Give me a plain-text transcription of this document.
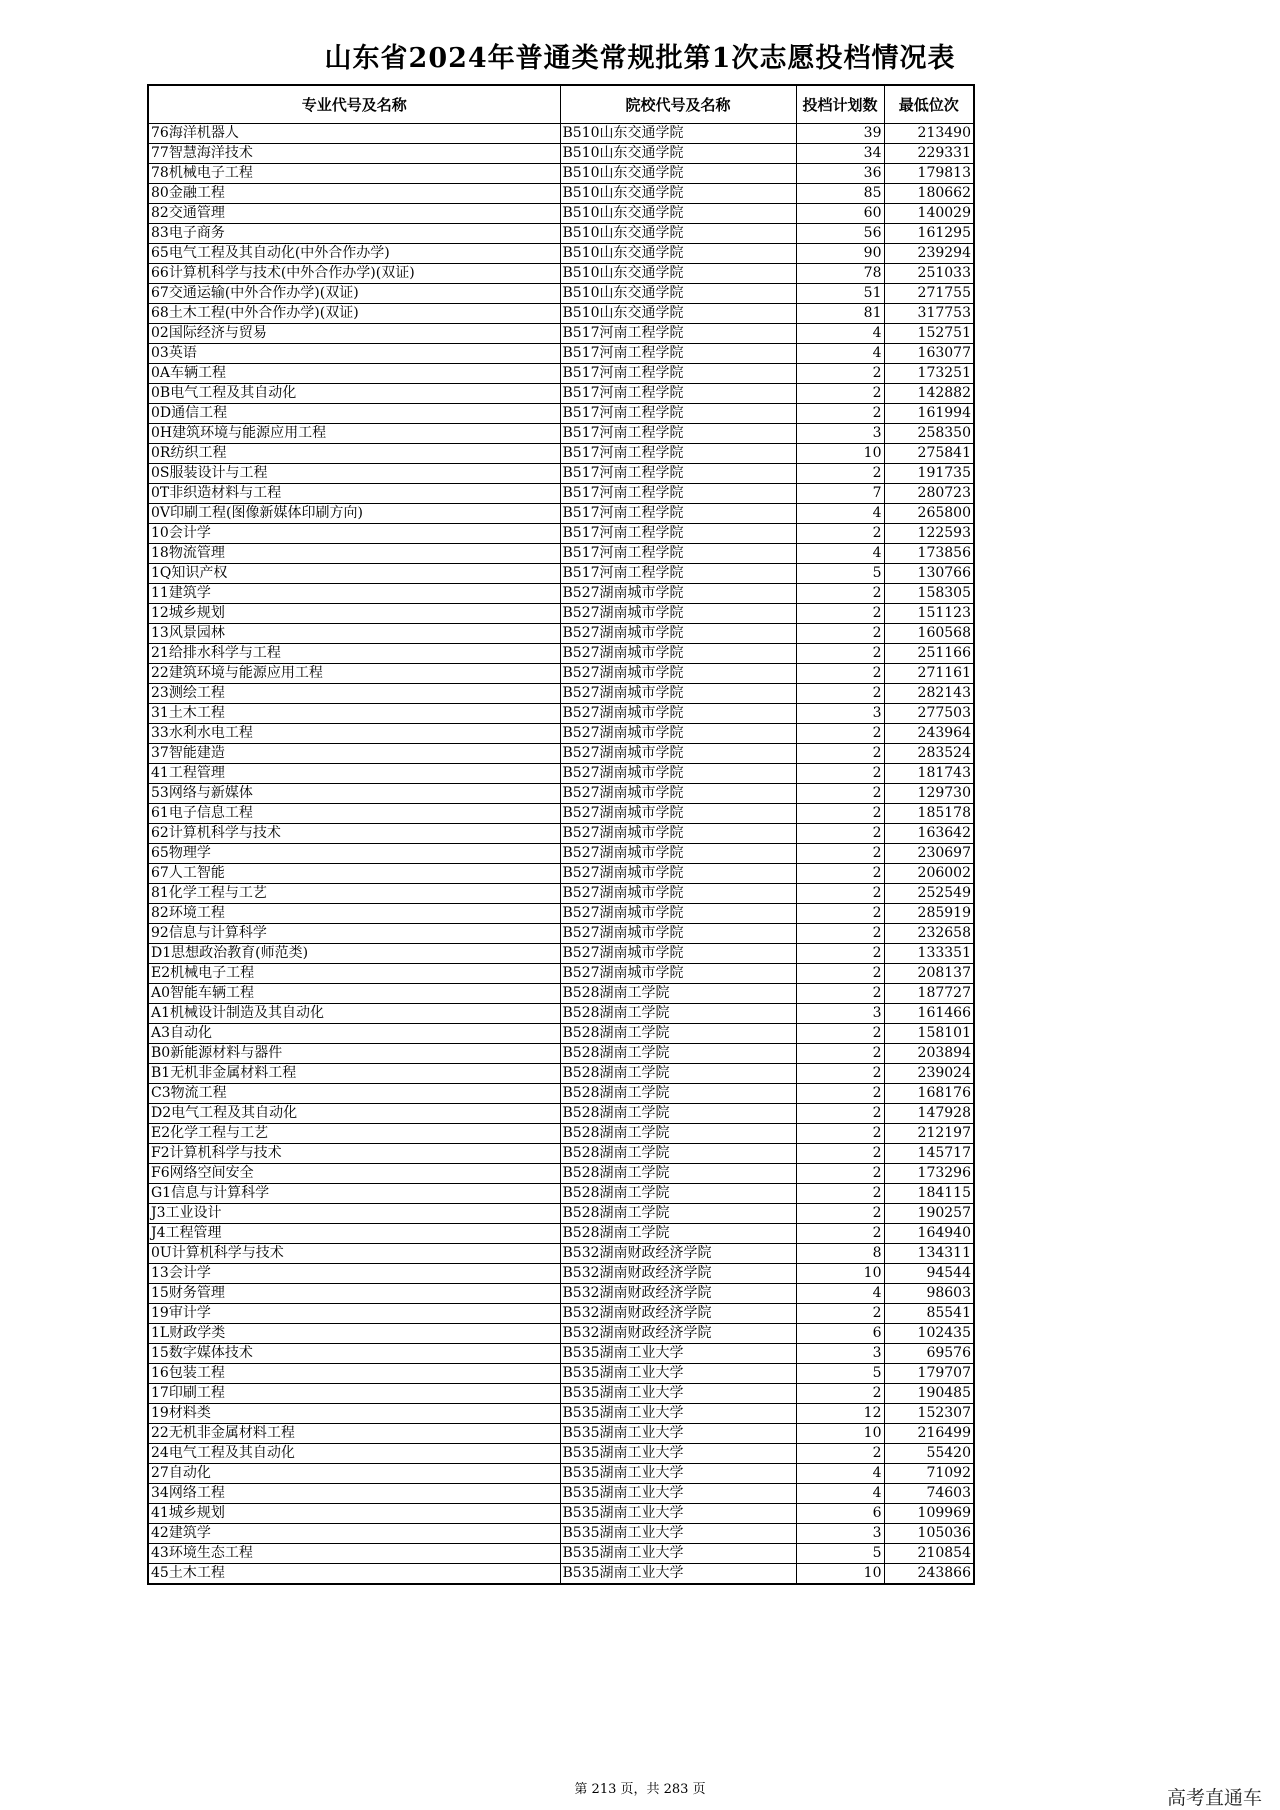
山东省2024年普通类常规批第1次志愿投档情况表
专业代号及名称	院校代号及名称	投档计划数	最低位次
76海洋机器人	B510山东交通学院	39	213490
77智慧海洋技术	B510山东交通学院	34	229331
78机械电子工程	B510山东交通学院	36	179813
80金融工程	B510山东交通学院	85	180662
82交通管理	B510山东交通学院	60	140029
83电子商务	B510山东交通学院	56	161295
65电气工程及其自动化(中外合作办学)	B510山东交通学院	90	239294
66计算机科学与技术(中外合作办学)(双证)	B510山东交通学院	78	251033
67交通运输(中外合作办学)(双证)	B510山东交通学院	51	271755
68土木工程(中外合作办学)(双证)	B510山东交通学院	81	317753
02国际经济与贸易	B517河南工程学院	4	152751
03英语	B517河南工程学院	4	163077
0A车辆工程	B517河南工程学院	2	173251
0B电气工程及其自动化	B517河南工程学院	2	142882
0D通信工程	B517河南工程学院	2	161994
0H建筑环境与能源应用工程	B517河南工程学院	3	258350
0R纺织工程	B517河南工程学院	10	275841
0S服装设计与工程	B517河南工程学院	2	191735
0T非织造材料与工程	B517河南工程学院	7	280723
0V印刷工程(图像新媒体印刷方向)	B517河南工程学院	4	265800
10会计学	B517河南工程学院	2	122593
18物流管理	B517河南工程学院	4	173856
1Q知识产权	B517河南工程学院	5	130766
11建筑学	B527湖南城市学院	2	158305
12城乡规划	B527湖南城市学院	2	151123
13风景园林	B527湖南城市学院	2	160568
21给排水科学与工程	B527湖南城市学院	2	251166
22建筑环境与能源应用工程	B527湖南城市学院	2	271161
23测绘工程	B527湖南城市学院	2	282143
31土木工程	B527湖南城市学院	3	277503
33水利水电工程	B527湖南城市学院	2	243964
37智能建造	B527湖南城市学院	2	283524
41工程管理	B527湖南城市学院	2	181743
53网络与新媒体	B527湖南城市学院	2	129730
61电子信息工程	B527湖南城市学院	2	185178
62计算机科学与技术	B527湖南城市学院	2	163642
65物理学	B527湖南城市学院	2	230697
67人工智能	B527湖南城市学院	2	206002
81化学工程与工艺	B527湖南城市学院	2	252549
82环境工程	B527湖南城市学院	2	285919
92信息与计算科学	B527湖南城市学院	2	232658
D1思想政治教育(师范类)	B527湖南城市学院	2	133351
E2机械电子工程	B527湖南城市学院	2	208137
A0智能车辆工程	B528湖南工学院	2	187727
A1机械设计制造及其自动化	B528湖南工学院	3	161466
A3自动化	B528湖南工学院	2	158101
B0新能源材料与器件	B528湖南工学院	2	203894
B1无机非金属材料工程	B528湖南工学院	2	239024
C3物流工程	B528湖南工学院	2	168176
D2电气工程及其自动化	B528湖南工学院	2	147928
E2化学工程与工艺	B528湖南工学院	2	212197
F2计算机科学与技术	B528湖南工学院	2	145717
F6网络空间安全	B528湖南工学院	2	173296
G1信息与计算科学	B528湖南工学院	2	184115
J3工业设计	B528湖南工学院	2	190257
J4工程管理	B528湖南工学院	2	164940
0U计算机科学与技术	B532湖南财政经济学院	8	134311
13会计学	B532湖南财政经济学院	10	94544
15财务管理	B532湖南财政经济学院	4	98603
19审计学	B532湖南财政经济学院	2	85541
1L财政学类	B532湖南财政经济学院	6	102435
15数字媒体技术	B535湖南工业大学	3	69576
16包装工程	B535湖南工业大学	5	179707
17印刷工程	B535湖南工业大学	2	190485
19材料类	B535湖南工业大学	12	152307
22无机非金属材料工程	B535湖南工业大学	10	216499
24电气工程及其自动化	B535湖南工业大学	2	55420
27自动化	B535湖南工业大学	4	71092
34网络工程	B535湖南工业大学	4	74603
41城乡规划	B535湖南工业大学	6	109969
42建筑学	B535湖南工业大学	3	105036
43环境生态工程	B535湖南工业大学	5	210854
45土木工程	B535湖南工业大学	10	243866
第 213 页，共 283 页	高考直通车
